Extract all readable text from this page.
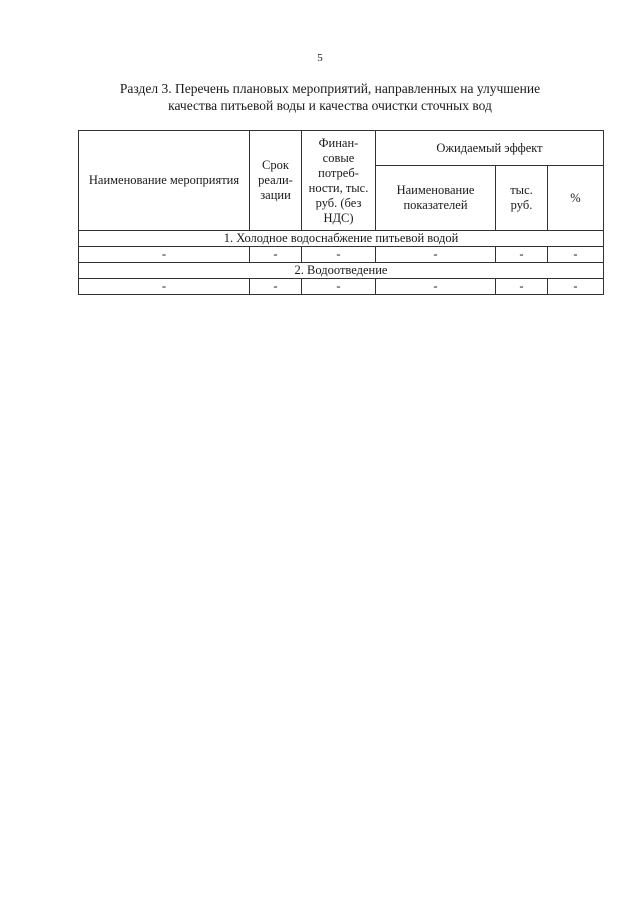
5
Раздел 3. Перечень плановых мероприятий, направленных на улучшение
качества питьевой воды и качества очистки сточных вод
Наименование мероприятия	Срок реали-зации	Финан-совые потреб-ности, тыс. руб. (без НДС)	Ожидаемый эффект		
			Наименование показателей	тыс. руб.	%
1. Холодное водоснабжение питьевой водой					
-	-	-	-	-	-
2. Водоотведение					
-	-	-	-	-	-
